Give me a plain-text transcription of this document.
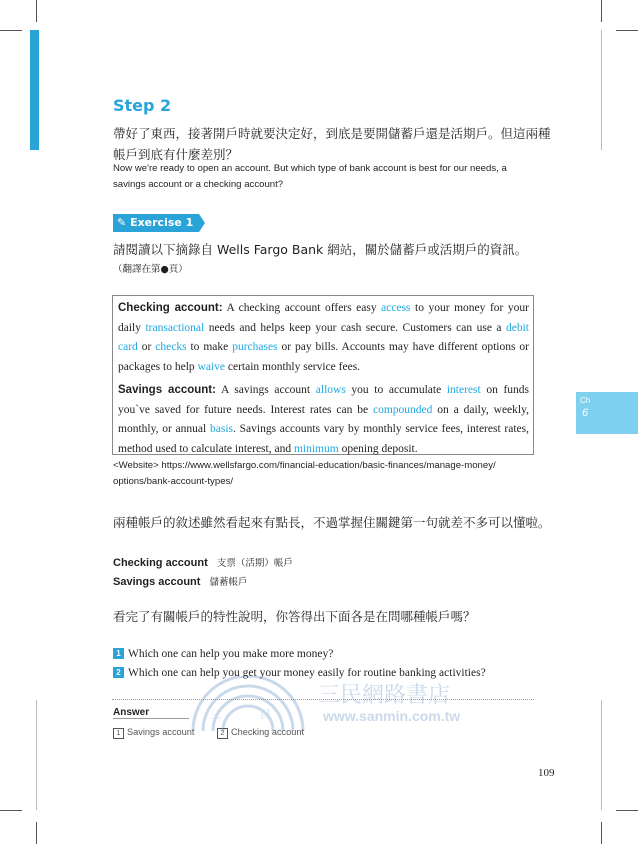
Step 2
帶好了東西，接著開戶時就要決定好，到底是要開儲蓄戶還是活期戶。但這兩種
帳戶到底有什麼差別？
Now we're ready to open an account. But which type of bank account is best for our needs, a
savings account or a checking account?
✎ Exercise 1
請閱讀以下摘錄自 Wells Fargo Bank 網站，關於儲蓄戶或活期戶的資訊。
（翻譯在第●頁）

Checking account: A checking account offers easy access to your money for your daily transactional needs and helps keep your cash secure. Customers can use a debit card or checks to make purchases or pay bills. Accounts may have different options or packages to help waive certain monthly service fees.

Savings account: A savings account allows you to accumulate interest on funds you`ve saved for future needs. Interest rates can be compounded on a daily, weekly, monthly, or annual basis. Savings accounts vary by monthly service fees, interest rates, method used to calculate interest, and minimum opening deposit.

<Website> https://www.wellsfargo.com/financial-education/basic-finances/manage-money/
options/bank-account-types/
兩種帳戶的敘述雖然看起來有點長，不過掌握住關鍵第一句就差不多可以懂啦。
Checking account 支票（活期）帳戶
Savings account 儲蓄帳戶
看完了有關帳戶的特性說明，你答得出下面各是在問哪種帳戶嗎？
1 Which one can help you make more money?
2 Which one can help you get your money easily for routine banking activities?
三	民
三民網路書店
www.sanmin.com.tw
Answer
1 Savings account	2 Checking account
Ch
6
109
